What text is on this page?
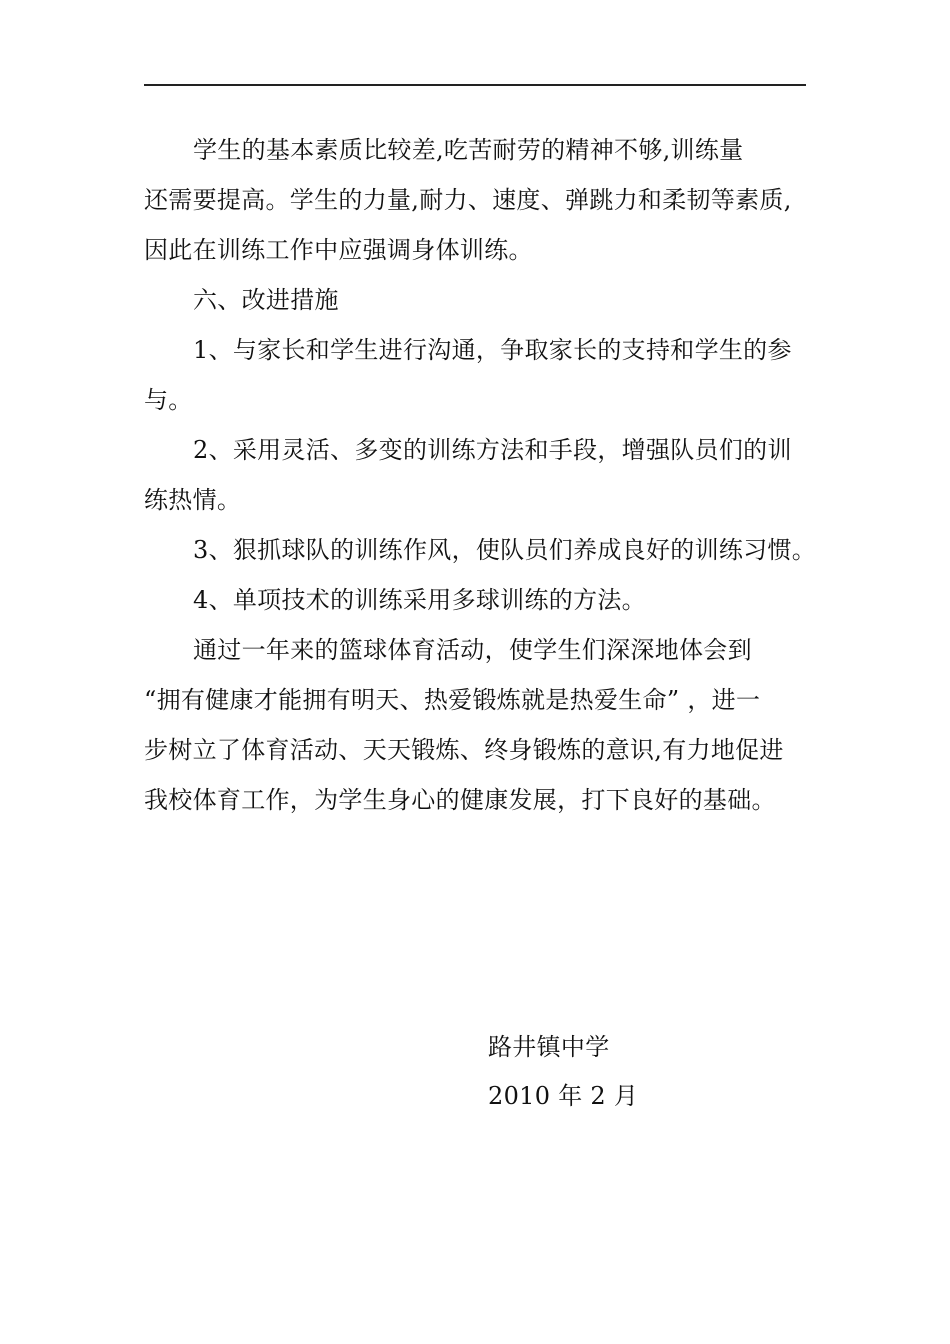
学生的基本素质比较差,吃苦耐劳的精神不够,训练量
还需要提高。学生的力量,耐力、速度、弹跳力和柔韧等素质,
因此在训练工作中应强调身体训练。
六、改进措施
1、与家长和学生进行沟通，争取家长的支持和学生的参
与。
2、采用灵活、多变的训练方法和手段，增强队员们的训
练热情。
3、狠抓球队的训练作风，使队员们养成良好的训练习惯。
4、单项技术的训练采用多球训练的方法。
通过一年来的篮球体育活动，使学生们深深地体会到
“拥有健康才能拥有明天、热爱锻炼就是热爱生命” ，进一
步树立了体育活动、天天锻炼、终身锻炼的意识,有力地促进
我校体育工作，为学生身心的健康发展，打下良好的基础。
路井镇中学
2010 年 2 月
